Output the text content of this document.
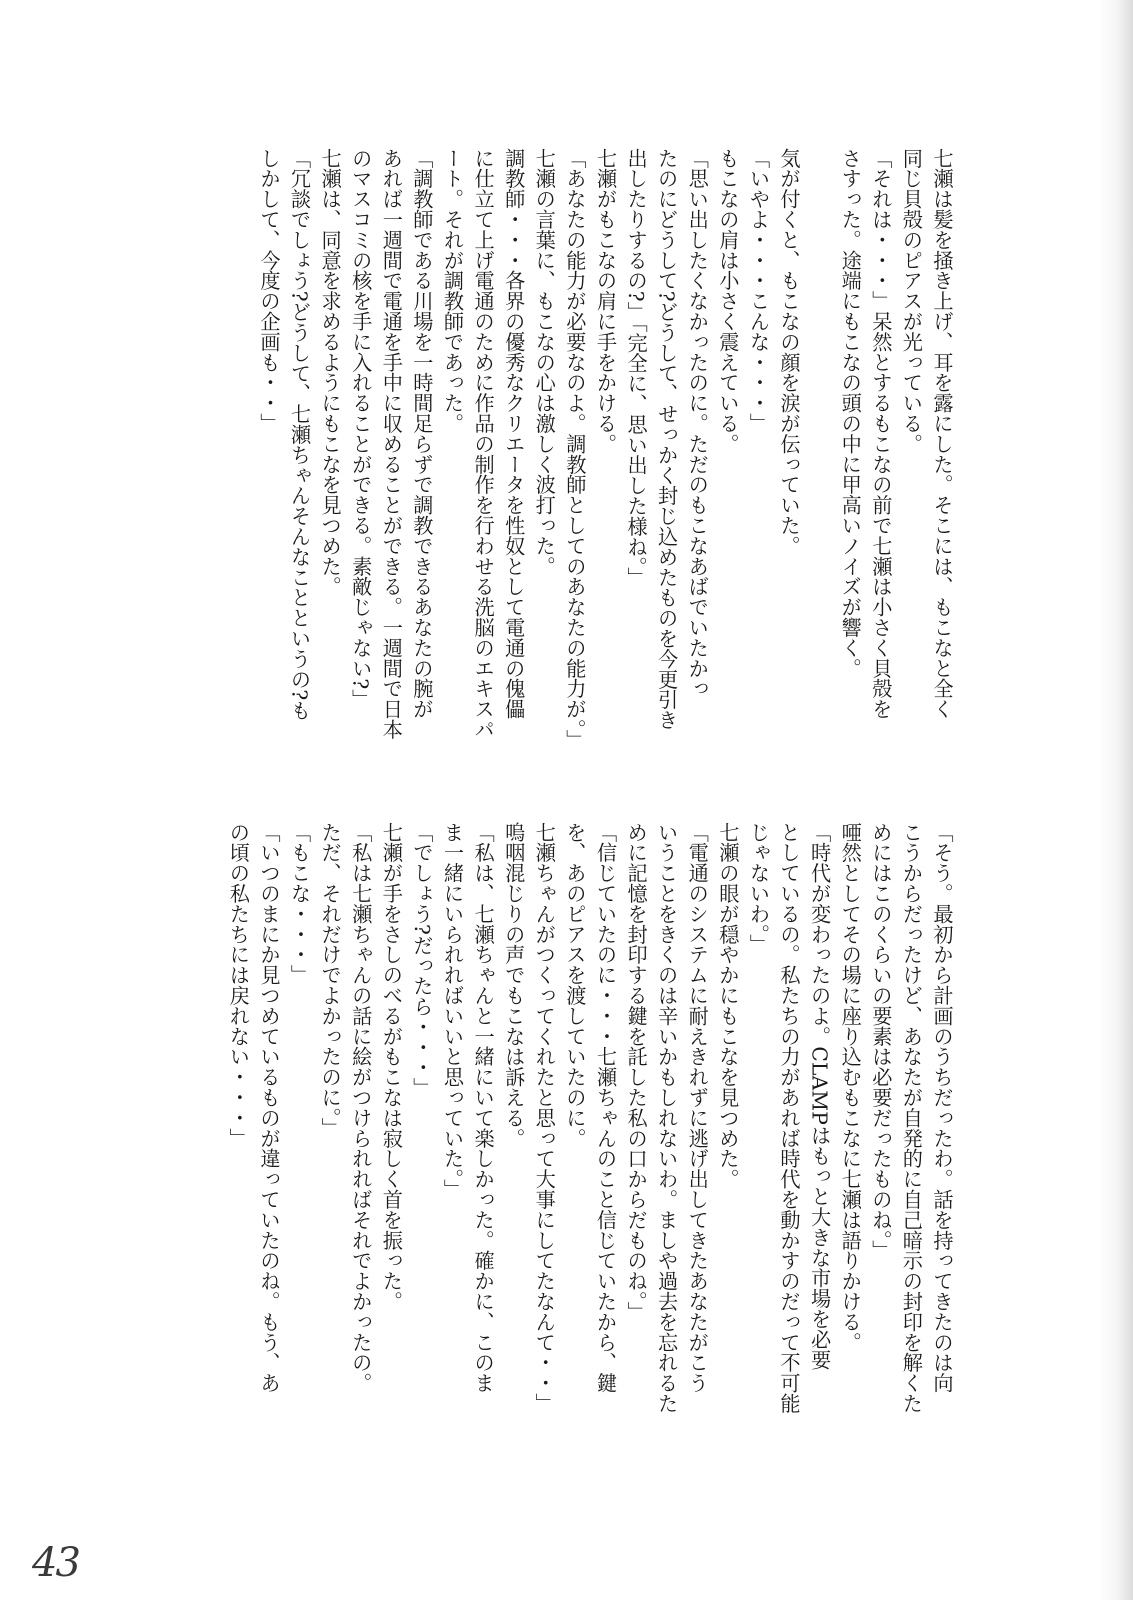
七瀬は髪を掻き上げ、耳を露にした。そこには、もこなと全く
同じ貝殻のピアスが光っている。
「それは・・・」呆然とするもこなの前で七瀬は小さく貝殻を
さすった。途端にもこなの頭の中に甲高いノイズが響く。

気が付くと、もこなの顔を涙が伝っていた。
「いやよ・・・こんな・・・」
もこなの肩は小さく震えている。
「思い出したくなかったのに。ただのもこなあばでいたかっ
たのにどうして?どうして、せっかく封じ込めたものを今更引き
出したりするの?」「完全に、思い出した様ね。」
七瀬がもこなの肩に手をかける。
「あなたの能力が必要なのよ。調教師としてのあなたの能力が。」
七瀬の言葉に、もこなの心は激しく波打った。
調教師・・・各界の優秀なクリエータを性奴として電通の傀儡
に仕立て上げ電通のために作品の制作を行わせる洗脳のエキスパ
ート。それが調教師であった。
「調教師である川場を一時間足らずで調教できるあなたの腕が
あれば一週間で電通を手中に収めることができる。一週間で日本
のマスコミの核を手に入れることができる。素敵じゃない?」
七瀬は、同意を求めるようにもこなを見つめた。
「冗談でしょう?どうして、七瀬ちゃんそんなことというの?も
しかして、今度の企画も・・」
「そう。最初から計画のうちだったわ。話を持ってきたのは向
こうからだったけど、あなたが自発的に自己暗示の封印を解くた
めにはこのくらいの要素は必要だったものね。」
唖然としてその場に座り込むもこなに七瀬は語りかける。
「時代が変わったのよ。CLAMPはもっと大きな市場を必要
としているの。私たちの力があれば時代を動かすのだって不可能
じゃないわ。」
七瀬の眼が穏やかにもこなを見つめた。
「電通のシステムに耐えきれずに逃げ出してきたあなたがこう
いうことをきくのは辛いかもしれないわ。ましや過去を忘れるた
めに記憶を封印する鍵を託した私の口からだものね。」
「信じていたのに・・・七瀬ちゃんのこと信じていたから、鍵
を、あのピアスを渡していたのに。
七瀬ちゃんがつくってくれたと思って大事にしてたなんて・・」
嗚咽混じりの声でもこなは訴える。
「私は、七瀬ちゃんと一緒にいて楽しかった。確かに、このま
ま一緒にいられればいいと思っていた。」
「でしょう?だったら・・・」
七瀬が手をさしのべるがもこなは寂しく首を振った。
「私は七瀬ちゃんの話に絵がつけられればそれでよかったの。
ただ、それだけでよかったのに。」
「もこな・・・」
「いつのまにか見つめているものが違っていたのね。もう、あ
の頃の私たちには戻れない・・・」
43
